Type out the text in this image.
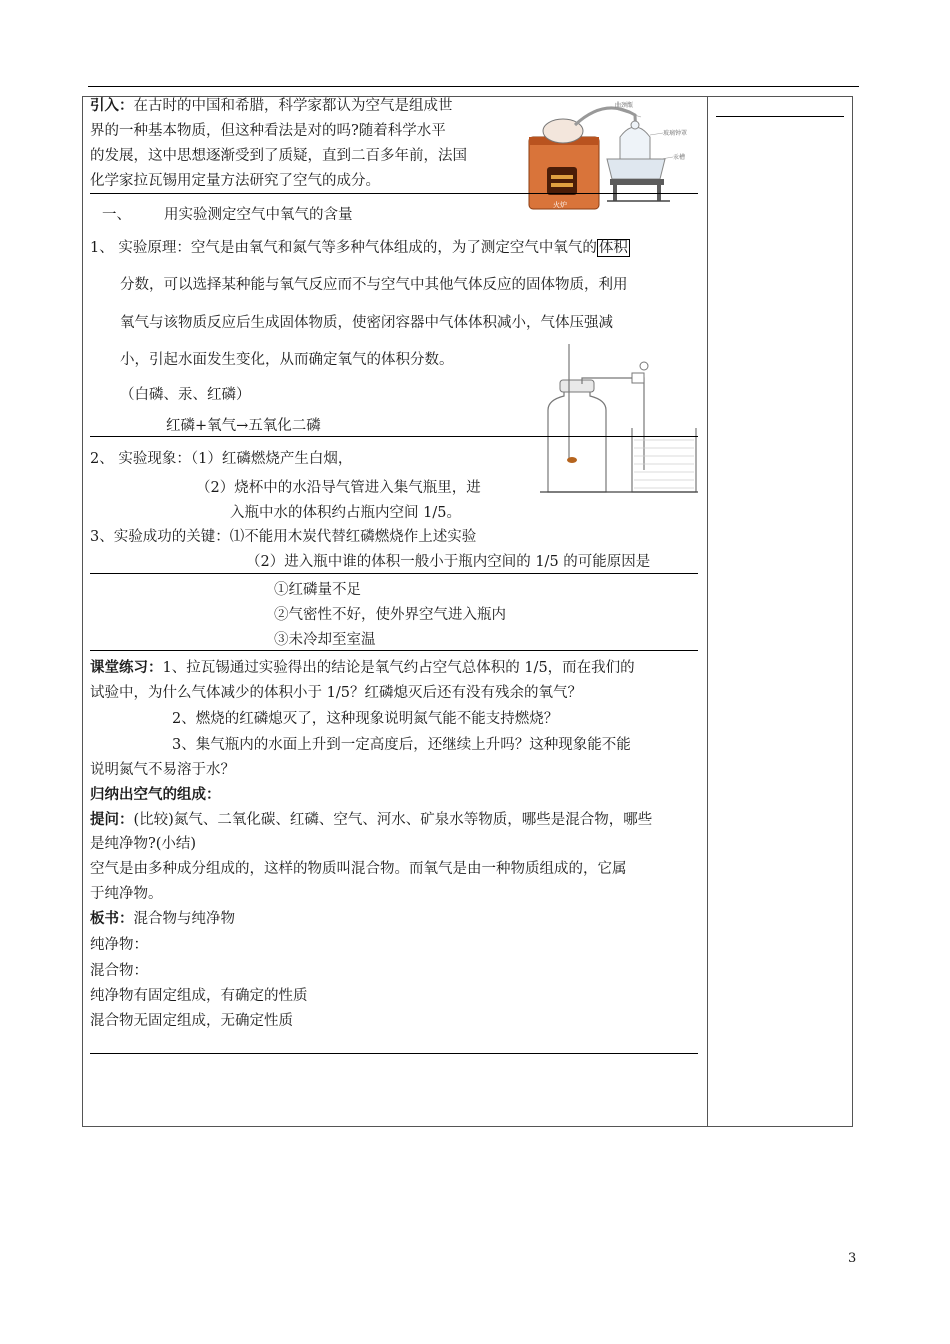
引入：在古时的中国和希腊，科学家都认为空气是组成世
界的一种基本物质，但这种看法是对的吗?随着科学水平
的发展，这中思想逐渐受到了质疑，直到二百多年前，法国
化学家拉瓦锡用定量方法研究了空气的成分。
火炉
曲颈甑
玻璃钟罩
汞槽
一、 用实验测定空气中氧气的含量
1、 实验原理：空气是由氧气和氮气等多种气体组成的，为了测定空气中氧气的 体积
分数，可以选择某种能与氧气反应而不与空气中其他气体反应的固体物质，利用
氧气与该物质反应后生成固体物质，使密闭容器中气体体积减小，气体压强减
小，引起水面发生变化，从而确定氧气的体积分数。
（白磷、汞、红磷）
红磷+氧气→五氧化二磷
2、 实验现象：（1）红磷燃烧产生白烟，
（2）烧杯中的水沿导气管进入集气瓶里，进
入瓶中水的体积约占瓶内空间 1/5。
3、实验成功的关键：⑴不能用木炭代替红磷燃烧作上述实验
（2）进入瓶中谁的体积一般小于瓶内空间的 1/5 的可能原因是
①红磷量不足
②气密性不好，使外界空气进入瓶内
③未冷却至室温
课堂练习：1、拉瓦锡通过实验得出的结论是氧气约占空气总体积的 1/5，而在我们的
试验中，为什么气体减少的体积小于 1/5？红磷熄灭后还有没有残余的氧气？
2、燃烧的红磷熄灭了，这种现象说明氮气能不能支持燃烧？
3、集气瓶内的水面上升到一定高度后，还继续上升吗？这种现象能不能
说明氮气不易溶于水？
归纳出空气的组成：
提问：(比较)氮气、二氧化碳、红磷、空气、河水、矿泉水等物质，哪些是混合物，哪些
是纯净物?(小结)
空气是由多种成分组成的，这样的物质叫混合物。而氧气是由一种物质组成的，它属
于纯净物。
板书：混合物与纯净物
纯净物：
混合物：
纯净物有固定组成，有确定的性质
混合物无固定组成，无确定性质
3
